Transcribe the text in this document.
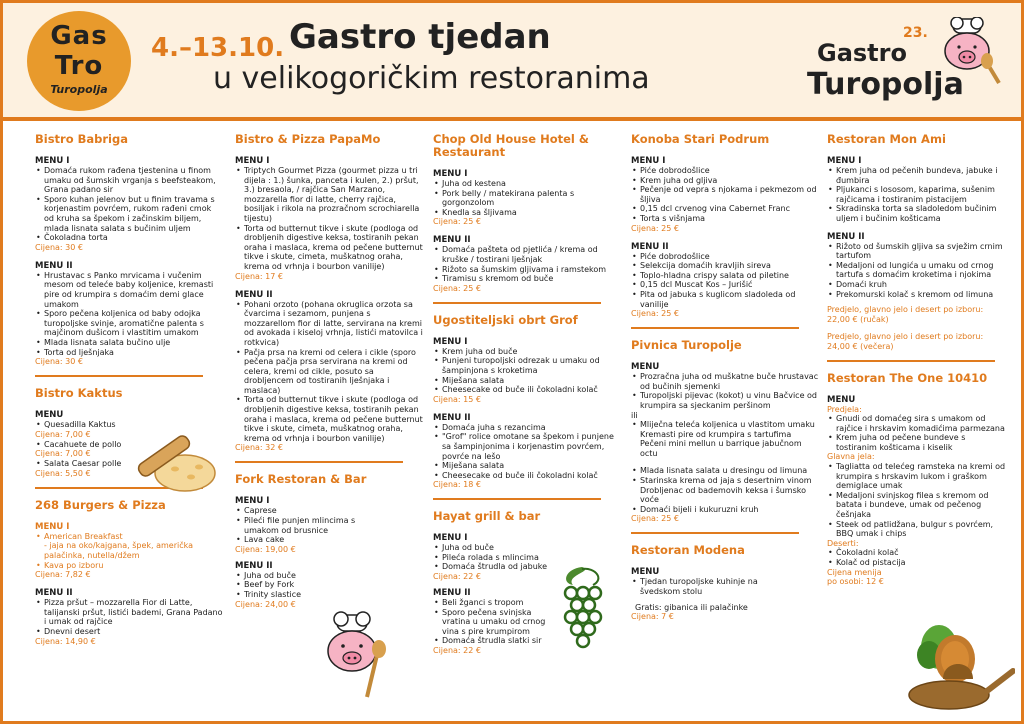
Gas
Tro
Turopolja
4.–13.10. Gastro tjedan
u velikogoričkim restoranima
23.
Gastro
Turopolja
Bistro Babriga
MENU I
• Domaća rukom rađena tjestenina u finom umaku od šumskih vrganja s beefsteakom, Grana padano sir
• Sporo kuhan jelenov but u finim travama s korjenastim povrćem, rukom rađeni cmok od kruha sa špekom i začinskim biljem, mlada lisnata salata s bučinim uljem
• Čokoladna torta
Cijena: 30 €
MENU II
• Hrustavac s Panko mrvicama i vučenim mesom od teleće baby koljenice, kremasti pire od krumpira s domaćim demi glace umakom
• Sporo pečena koljenica od baby odojka turopoljske svinje, aromatične palenta s majčinom dušicom i vlastitim umakom
• Mlada lisnata salata bučino ulje
• Torta od lješnjaka
Cijena: 30 €
Bistro Kaktus
MENU
• Quesadilla Kaktus
Cijena: 7,00 €
• Cacahuete de pollo
Cijena: 7,00 €
• Salata Caesar polle
Cijena: 5,50 €
268 Burgers & Pizza
MENU I
• American Breakfast
- jaja na oko/kajgana, špek, američka palačinka, nutella/džem
• Kava po izboru
Cijena: 7,82 €
MENU II
• Pizza pršut – mozzarella Fior di Latte, talijanski pršut, listići bademi, Grana Padano i umak od rajčice
• Dnevni desert
Cijena: 14,90 €
Bistro & Pizza PapaMo
MENU I
• Triptych Gourmet Pizza (gourmet pizza u tri dijela : 1.) šunka, panceta i kulen, 2.) pršut, 3.) bresaola, / rajčica San Marzano, mozzarella fior di latte, cherry rajčica, bosiljak i rikola na prozračnom scrochiarella tijestu)
• Torta od butternut tikve i skute (podloga od drobljenih digestive keksa, tostiranih pekan oraha i maslaca, krema od pečene butternut tikve i skute, cimeta, muškatnog oraha, krema od vrhnja i bourbon vanilije)
Cijena: 17 €
MENU II
• Pohani orzoto (pohana okruglica orzota sa čvarcima i sezamom, punjena s mozzarellom fior di latte, servirana na kremi od avokada i kiseloj vrhnja, listići matovilca i rotkvica)
• Pačja prsa na kremi od celera i cikle (sporo pečena pačja prsa servirana na kremi od celera, kremi od cikle, posuto sa drobljencem od tostiranih lješnjaka i maslaca)
• Torta od butternut tikve i skute (podloga od drobljenih digestive keksa, tostiranih pekan oraha i maslaca, krema od pečene butternut tikve i skute, cimeta, muškatnog oraha, krema od vrhnja i bourbon vanilije)
Cijena: 32 €
Fork Restoran & Bar
MENU I
• Caprese
• Pileći file punjen mlincima s umakom od brusnice
• Lava cake
Cijena: 19,00 €
MENU II
• Juha od buče
• Beef by Fork
• Trinity slastice
Cijena: 24,00 €
Chop Old House Hotel & Restaurant
MENU I
• Juha od kestena
• Pork belly / matekirana palenta s gorgonzolom
• Knedla sa šljivama
Cijena: 25 €
MENU II
• Domaća pašteta od pjetlića / krema od kruške / tostirani lješnjak
• Rižoto sa šumskim gljivama i ramstekom
• Tiramisu s kremom od buče
Cijena: 25 €
Ugostiteljski obrt Grof
MENU I
• Krem juha od buče
• Punjeni turopoljski odrezak u umaku od šampinjona s kroketima
• Miješana salata
• Cheesecake od buče ili čokoladni kolač
Cijena: 15 €
MENU II
• Domaća juha s rezancima
• "Grof" rolice omotane sa špekom i punjene sa šampinjonima i korjenastim povrćem, povrće na lešo
• Miješana salata
• Cheesecake od buče ili čokoladni kolač
Cijena: 18 €
Hayat grill & bar
MENU I
• Juha od buče
• Pileća rolada s mlincima
• Domaća štrudla od jabuke
Cijena: 22 €
MENU II
• Beli žganci s tropom
• Sporo pečena svinjska vratina u umaku od crnog vina s pire krumpirom
• Domaća štrudla slatki sir
Cijena: 22 €
Konoba Stari Podrum
MENU I
• Piće dobrodošlice
• Krem juha od gljiva
• Pečenje od vepra s njokama i pekmezom od šljiva
• 0,15 dcl crvenog vina Cabernet Franc
• Torta s višnjama
Cijena: 25 €
MENU II
• Piće dobrodošlice
• Selekcija domaćih kravljih sireva
• Toplo-hladna crispy salata od piletine
• 0,15 dcl Muscat Kos – Jurišić
• Pita od jabuka s kuglicom sladoleda od vanilije
Cijena: 25 €
Pivnica Turopolje
MENU
• Prozračna juha od muškatne buče hrustavac od bučinih sjemenki
• Turopoljski pijevac (kokot) u vinu Bačvice od krumpira sa sjeckanim peršinom
ili
• Mliječna teleća koljenica u vlastitom umaku
Kremasti pire od krumpira s tartufima Pečeni mini mellun u barrique jabučnom octu
• Mlada lisnata salata u dresingu od limuna
• Starinska krema od jaja s desertnim vinom
Drobljenac od bademovih keksa i šumsko voće
• Domaći bijeli i kukuruzni kruh
Cijena: 25 €
Restoran Modena
MENU
• Tjedan turopoljske kuhinje na švedskom stolu
Gratis: gibanica ili palačinke
Cijena: 7 €
Restoran Mon Ami
MENU I
• Krem juha od pečenih bundeva, jabuke i đumbira
• Pljukanci s lososom, kaparima, sušenim rajčicama i tostiranim pistacijem
• Skradinska torta sa sladoledom bučinim uljem i bučinim košticama
MENU II
• Rižoto od šumskih gljiva sa svježim crnim tartufom
• Medaljoni od lungića u umaku od crnog tartufa s domaćim kroketima i njokima
• Domaći kruh
• Prekomurski kolač s kremom od limuna
Predjelo, glavno jelo i desert po izboru:
22,00 € (ručak)
Predjelo, glavno jelo i desert po izboru:
24,00 € (večera)
Restoran The One 10410
MENU
Predjela:
• Gnudi od domaćeg sira s umakom od rajčice i hrskavim komadićima parmezana
• Krem juha od pečene bundeve s tostiranim košticama i kiselik
Glavna jela:
• Tagliatta od telećeg ramsteka na kremi od krumpira s hrskavim lukom i graškom demiglace umak
• Medaljoni svinjskog filea s kremom od batata i bundeve, umak od pečenog češnjaka
• Steek od patlidžana, bulgur s povrćem, BBQ umak i chips
Deserti:
• Čokoladni kolač
• Kolač od pistacija
Cijena menija
po osobi: 12 €
